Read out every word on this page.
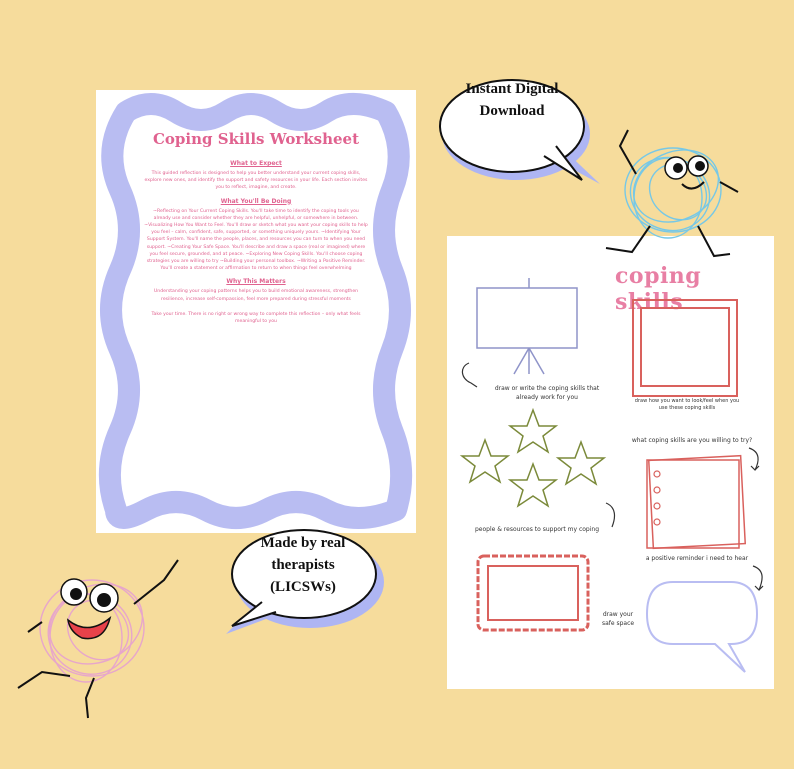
Coping Skills Worksheet
What to Expect

This guided reflection is designed to help you better understand your current coping skills, explore new ones, and identify the support and safety resources in your life. Each section invites you to reflect, imagine, and create.

What You'll Be Doing

~Reflecting on Your Current Coping Skills. You'll take time to identify the coping tools you already use and consider whether they are helpful, unhelpful, or somewhere in between. ~Visualizing How You Want to Feel. You'll draw or sketch what you want your coping skills to help you feel – calm, confident, safe, supported, or something uniquely yours. ~Identifying Your Support System. You'll name the people, places, and resources you can turn to when you need support. ~Creating Your Safe Space. You'll describe and draw a space (real or imagined) where you feel secure, grounded, and at peace. ~Exploring New Coping Skills. You'll choose coping strategies you are willing to try ~Building your personal toolbox. ~Writing a Positive Reminder. You'll create a statement or affirmation to return to when things feel overwhelming

Why This Matters

Understanding your coping patterns helps you to build emotional awareness, strengthen resilience, increase self-compassion, feel more prepared during stressful moments

Take your time. There is no right or wrong way to complete this reflection – only what feels meaningful to you

coping skills
draw or write the coping skills that already work for you	draw how you want to look/feel when you use these coping skills
what coping skills are you willing to try?
people & resources to support my coping
a positive reminder i need to hear
draw your safe space
Instant Digital Download
Made by real therapists (LICSWs)
